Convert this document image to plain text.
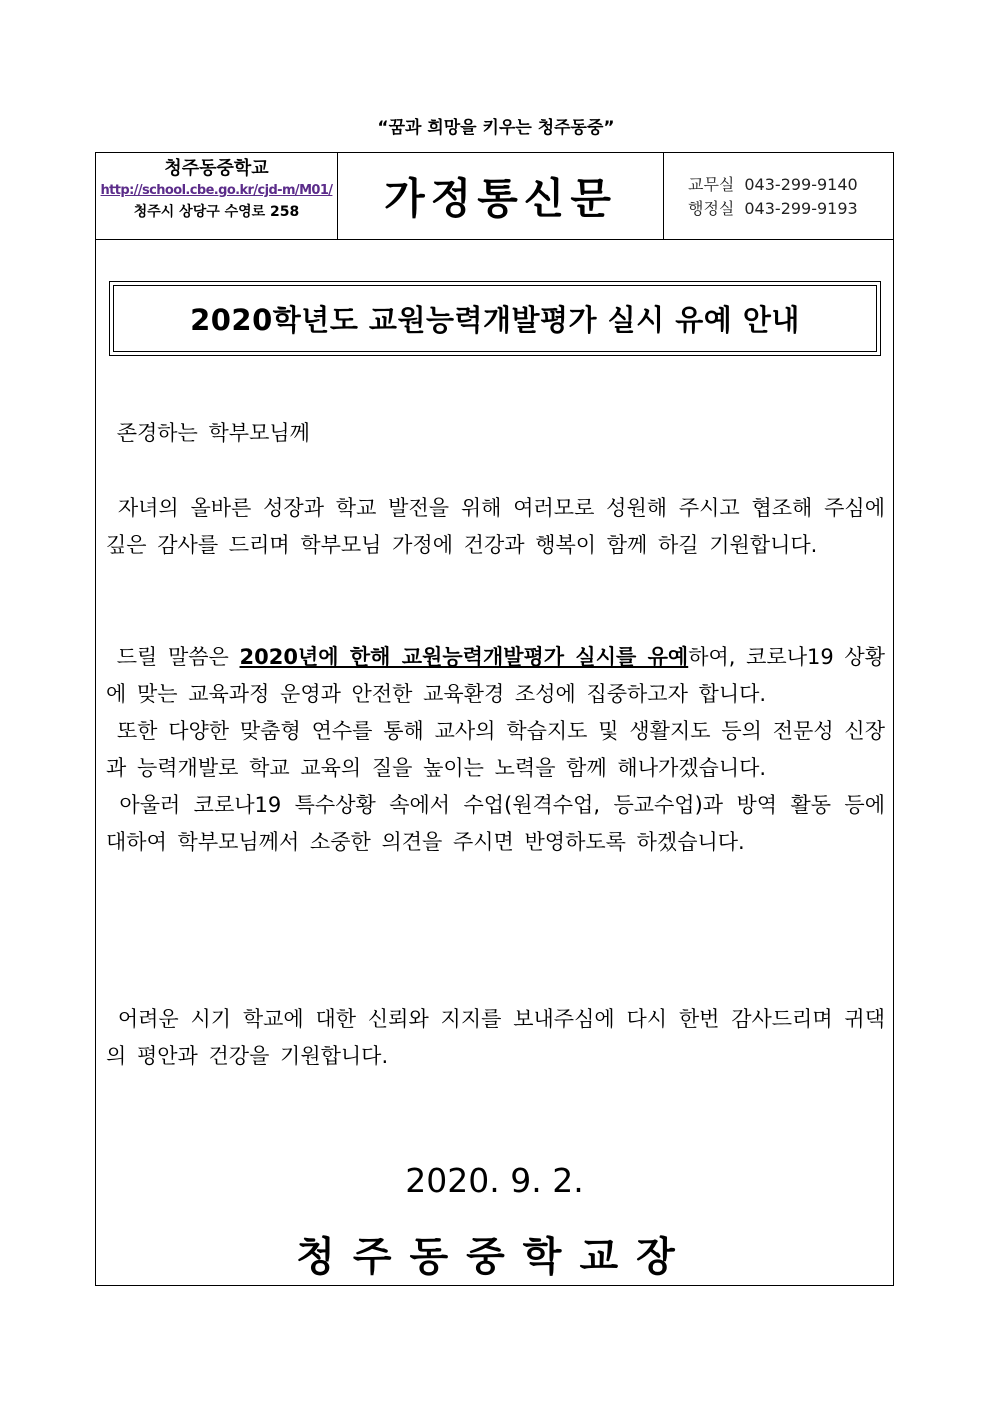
“꿈과 희망을 키우는 청주동중”
청주동중학교
http://school.cbe.go.kr/cjd-m/M01/
청주시 상당구 수영로 258	가정통신문	교무실 043-299-9140
행정실 043-299-9193
2020학년도 교원능력개발평가 실시 유예 안내
존경하는 학부모님께
자녀의 올바른 성장과 학교 발전을 위해 여러모로 성원해 주시고 협조해 주심에 깊은 감사를 드리며 학부모님 가정에 건강과 행복이 함께 하길 기원합니다.
드릴 말씀은 2020년에 한해 교원능력개발평가 실시를 유예하여, 코로나19 상황에 맞는 교육과정 운영과 안전한 교육환경 조성에 집중하고자 합니다.
또한 다양한 맞춤형 연수를 통해 교사의 학습지도 및 생활지도 등의 전문성 신장과 능력개발로 학교 교육의 질을 높이는 노력을 함께 해나가겠습니다.
아울러 코로나19 특수상황 속에서 수업(원격수업, 등교수업)과 방역 활동 등에 대하여 학부모님께서 소중한 의견을 주시면 반영하도록 하겠습니다.
어려운 시기 학교에 대한 신뢰와 지지를 보내주심에 다시 한번 감사드리며 귀댁의 평안과 건강을 기원합니다.
2020. 9. 2.
청주동중학교장
